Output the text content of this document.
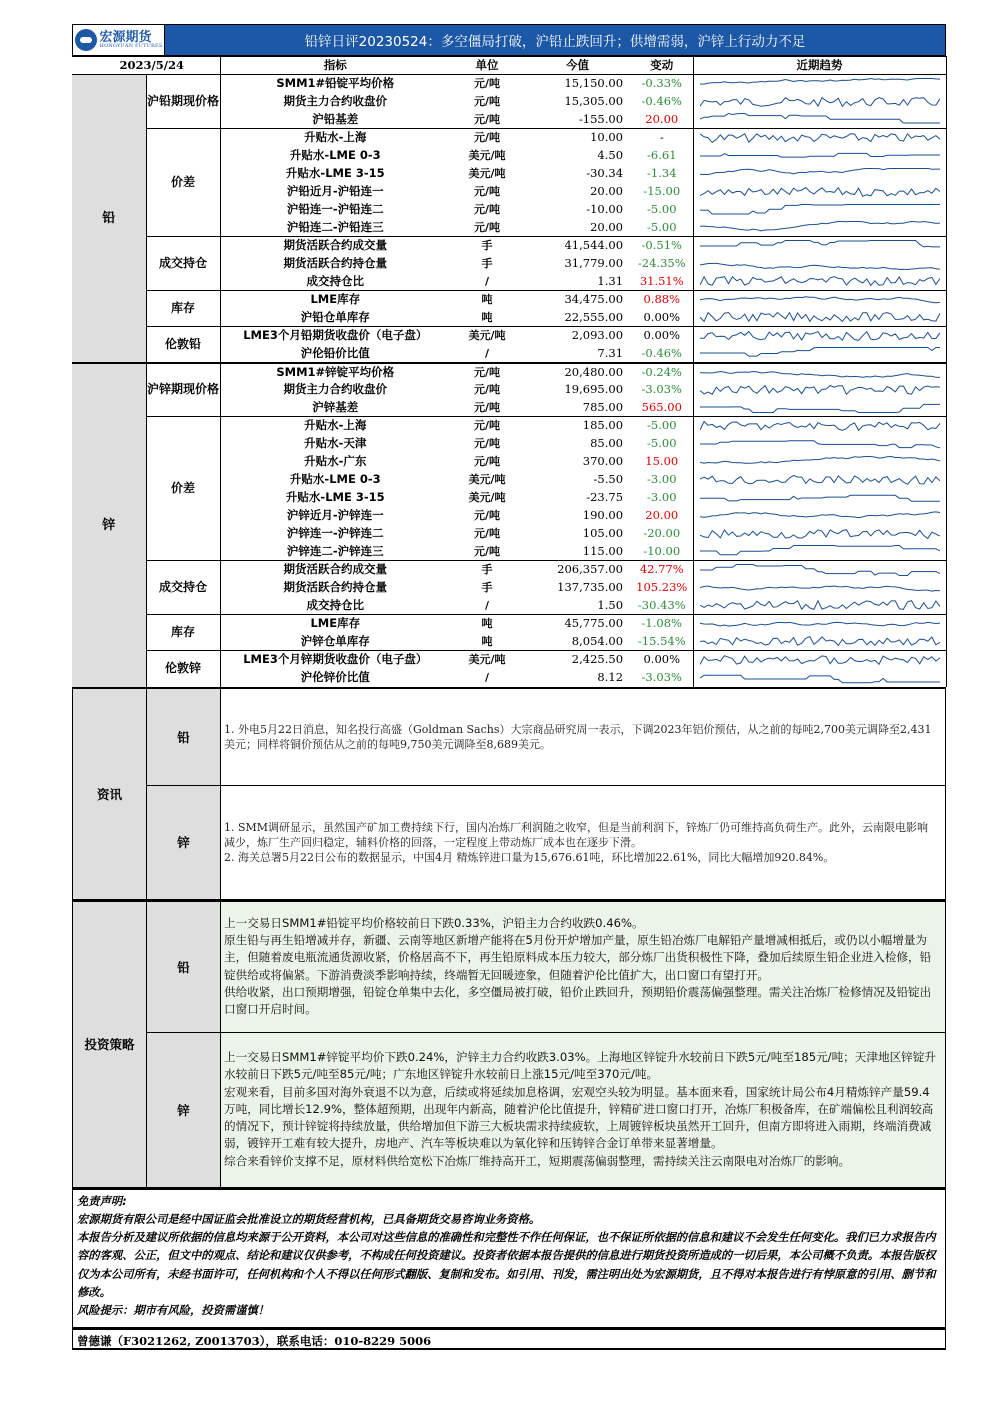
宏源期货
HONGYUAN FUTURES	铅锌日评20230524：多空僵局打破，沪铅止跌回升；供增需弱，沪锌上行动力不足
2023/5/24		指标	单位	今值	变动	近期趋势
铅	沪铅期现价格	SMM1#铅锭平均价格	元/吨	15,150.00	-0.33%	

		期货主力合约收盘价	元/吨	15,305.00	-0.46%	

		沪铅基差	元/吨	-155.00	20.00	

	价差	升贴水-上海	元/吨	10.00	-	

		升贴水-LME 0-3	美元/吨	4.50	-6.61	

		升贴水-LME 3-15	美元/吨	-30.34	-1.34	

		沪铅近月-沪铅连一	元/吨	20.00	-15.00	

		沪铅连一-沪铅连二	元/吨	-10.00	-5.00	

		沪铅连二-沪铅连三	元/吨	20.00	-5.00	

	成交持仓	期货活跃合约成交量	手	41,544.00	-0.51%	

		期货活跃合约持仓量	手	31,779.00	-24.35%	

		成交持仓比	/	1.31	31.51%	

	库存	LME库存	吨	34,475.00	0.88%	

		沪铅仓单库存	吨	22,555.00	0.00%	

	伦敦铅	LME3个月铅期货收盘价（电子盘）	美元/吨	2,093.00	0.00%	

		沪伦铅价比值	/	7.31	-0.46%	

锌	沪锌期现价格	SMM1#锌锭平均价格	元/吨	20,480.00	-0.24%	

		期货主力合约收盘价	元/吨	19,695.00	-3.03%	

		沪锌基差	元/吨	785.00	565.00	

	价差	升贴水-上海	元/吨	185.00	-5.00	

		升贴水-天津	元/吨	85.00	-5.00	

		升贴水-广东	元/吨	370.00	15.00	

		升贴水-LME 0-3	美元/吨	-5.50	-3.00	

		升贴水-LME 3-15	美元/吨	-23.75	-3.00	

		沪锌近月-沪锌连一	元/吨	190.00	20.00	

		沪锌连一-沪锌连二	元/吨	105.00	-20.00	

		沪锌连二-沪锌连三	元/吨	115.00	-10.00	

	成交持仓	期货活跃合约成交量	手	206,357.00	42.77%	

		期货活跃合约持仓量	手	137,735.00	105.23%	

		成交持仓比	/	1.50	-30.43%	

	库存	LME库存	吨	45,775.00	-1.08%	

		沪锌仓单库存	吨	8,054.00	-15.54%	

	伦敦锌	LME3个月锌期货收盘价（电子盘）	美元/吨	2,425.50	0.00%	

		沪伦锌价比值	/	8.12	-3.03%	
资讯
铅
1. 外电5月22日消息，知名投行高盛（Goldman Sachs）大宗商品研究周一表示，下调2023年铝价预估，从之前的每吨2,700美元调降至2,431美元；同样将铜价预估从之前的每吨9,750美元调降至8,689美元。
锌
1. SMM调研显示，虽然国产矿加工费持续下行，国内冶炼厂利润随之收窄，但是当前利润下，锌炼厂仍可维持高负荷生产。此外，云南限电影响减少，炼厂生产回归稳定，辅料价格的回落，一定程度上带动炼厂成本也在逐步下滑。
2. 海关总署5月22日公布的数据显示，中国4月 精炼锌进口量为15,676.61吨，环比增加22.61%，同比大幅增加920.84%。
投资策略
铅
上一交易日SMM1#铅锭平均价格较前日下跌0.33%，沪铅主力合约收跌0.46%。
原生铅与再生铅增减并存，新疆、云南等地区新增产能将在5月份开炉增加产量，原生铅冶炼厂电解铅产量增减相抵后，或仍以小幅增量为主，但随着废电瓶流通货源收紧，价格居高不下，再生铅原料成本压力较大，部分炼厂出货积极性下降，叠加后续原生铅企业进入检修，铅锭供给或将偏紧。下游消费淡季影响持续，终端暂无回暖迹象，但随着沪伦比值扩大，出口窗口有望打开。
供给收紧，出口预期增强，铅锭仓单集中去化，多空僵局被打破，铅价止跌回升，预期铅价震荡偏强整理。需关注冶炼厂检修情况及铅锭出口窗口开启时间。
锌
上一交易日SMM1#锌锭平均价下跌0.24%，沪锌主力合约收跌3.03%。上海地区锌锭升水较前日下跌5元/吨至185元/吨；天津地区锌锭升水较前日下跌5元/吨至85元/吨；广东地区锌锭升水较前日上涨15元/吨至370元/吨。
宏观来看，目前多国对海外衰退不以为意，后续或将延续加息格调，宏观空头较为明显。基本面来看，国家统计局公布4月精炼锌产量59.4万吨，同比增长12.9%，整体超预期，出现年内新高，随着沪伦比值提升，锌精矿进口窗口打开，冶炼厂积极备库，在矿端偏松且利润较高的情况下，预计锌锭将持续放量，供给增加但下游三大板块需求持续疲软，上周镀锌板块虽然开工回升，但南方即将进入雨期，终端消费减弱，镀锌开工难有较大提升，房地产、汽车等板块难以为氧化锌和压铸锌合金订单带来显著增量。
综合来看锌价支撑不足，原材料供给宽松下冶炼厂维持高开工，短期震荡偏弱整理，需持续关注云南限电对冶炼厂的影响。
免责声明:
宏源期货有限公司是经中国证监会批准设立的期货经营机构，已具备期货交易咨询业务资格。
本报告分析及建议所依据的信息均来源于公开资料，本公司对这些信息的准确性和完整性不作任何保证，也不保证所依据的信息和建议不会发生任何变化。我们已力求报告内容的客观、公正，但文中的观点、结论和建议仅供参考，不构成任何投资建议。投资者依据本报告提供的信息进行期货投资所造成的一切后果，本公司概不负责。本报告版权仅为本公司所有，未经书面许可，任何机构和个人不得以任何形式翻版、复制和发布。如引用、刊发，需注明出处为宏源期货，且不得对本报告进行有悖原意的引用、删节和修改。
风险提示：期市有风险，投资需谨慎！
曾德谦（F3021262, Z0013703），联系电话：010-8229 5006
